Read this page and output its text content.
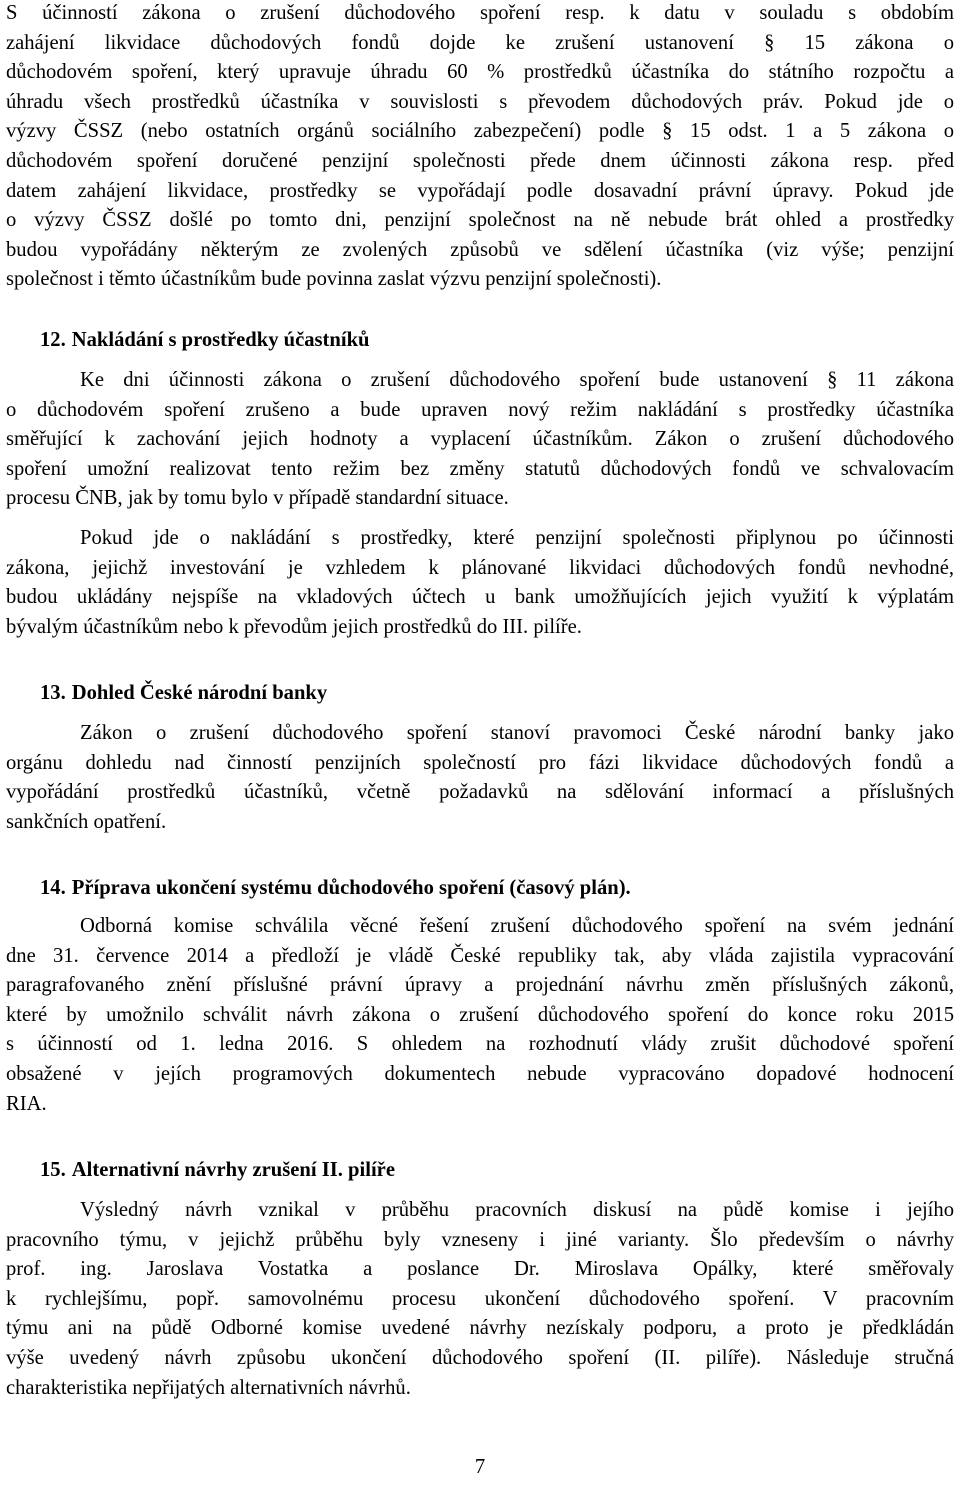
S účinností zákona o zrušení důchodového spoření resp. k datu v souladu s obdobím
zahájení likvidace důchodových fondů dojde ke zrušení ustanovení § 15 zákona o
důchodovém spoření, který upravuje úhradu 60 % prostředků účastníka do státního rozpočtu a
úhradu všech prostředků účastníka v souvislosti s převodem důchodových práv. Pokud jde o
výzvy ČSSZ (nebo ostatních orgánů sociálního zabezpečení) podle § 15 odst. 1 a 5 zákona o
důchodovém spoření doručené penzijní společnosti přede dnem účinnosti zákona resp. před
datem zahájení likvidace, prostředky se vypořádají podle dosavadní právní úpravy. Pokud jde
o výzvy ČSSZ došlé po tomto dni, penzijní společnost na ně nebude brát ohled a prostředky
budou vypořádány některým ze zvolených způsobů ve sdělení účastníka (viz výše; penzijní
společnost i těmto účastníkům bude povinna zaslat výzvu penzijní společnosti).
12. Nakládání s prostředky účastníků
Ke dni účinnosti zákona o zrušení důchodového spoření bude ustanovení § 11 zákona
o důchodovém spoření zrušeno a bude upraven nový režim nakládání s prostředky účastníka
směřující k zachování jejich hodnoty a vyplacení účastníkům. Zákon o zrušení důchodového
spoření umožní realizovat tento režim bez změny statutů důchodových fondů ve schvalovacím
procesu ČNB, jak by tomu bylo v případě standardní situace.
Pokud jde o nakládání s prostředky, které penzijní společnosti připlynou po účinnosti
zákona, jejichž investování je vzhledem k plánované likvidaci důchodových fondů nevhodné,
budou ukládány nejspíše na vkladových účtech u bank umožňujících jejich využití k výplatám
bývalým účastníkům nebo k převodům jejich prostředků do III. pilíře.
13. Dohled České národní banky
Zákon o zrušení důchodového spoření stanoví pravomoci České národní banky jako
orgánu dohledu nad činností penzijních společností pro fázi likvidace důchodových fondů a
vypořádání prostředků účastníků, včetně požadavků na sdělování informací a příslušných
sankčních opatření.
14. Příprava ukončení systému důchodového spoření (časový plán).
Odborná komise schválila věcné řešení zrušení důchodového spoření na svém jednání
dne 31. července 2014 a předloží je vládě České republiky tak, aby vláda zajistila vypracování
paragrafovaného znění příslušné právní úpravy a projednání návrhu změn příslušných zákonů,
které by umožnilo schválit návrh zákona o zrušení důchodového spoření do konce roku 2015
s účinností od 1. ledna 2016. S ohledem na rozhodnutí vlády zrušit důchodové spoření
obsažené v jejích programových dokumentech nebude vypracováno dopadové hodnocení
RIA.
15. Alternativní návrhy zrušení II. pilíře
Výsledný návrh vznikal v průběhu pracovních diskusí na půdě komise i jejího
pracovního týmu, v jejichž průběhu byly vzneseny i jiné varianty. Šlo především o návrhy
prof. ing. Jaroslava Vostatka a poslance Dr. Miroslava Opálky, které směřovaly
k rychlejšímu, popř. samovolnému procesu ukončení důchodového spoření. V pracovním
týmu ani na půdě Odborné komise uvedené návrhy nezískaly podporu, a proto je předkládán
výše uvedený návrh způsobu ukončení důchodového spoření (II. pilíře). Následuje stručná
charakteristika nepřijatých alternativních návrhů.
7
